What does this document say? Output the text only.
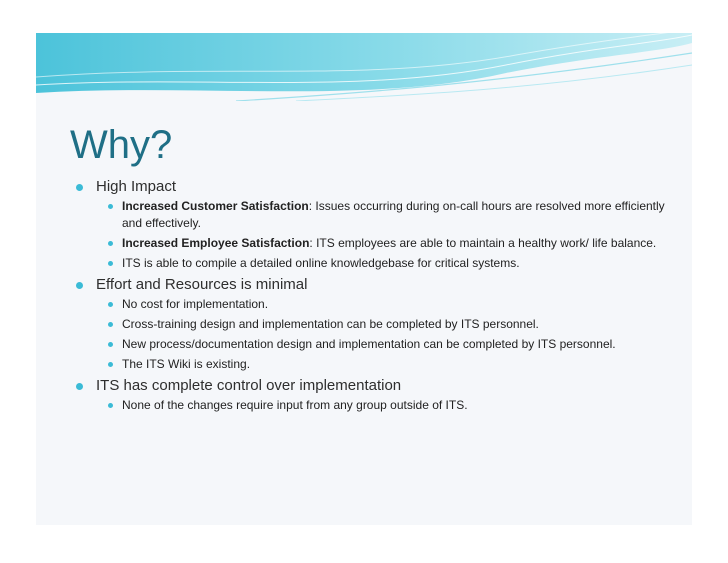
Why?
High Impact
Increased Customer Satisfaction: Issues occurring during on-call hours are resolved more efficiently and effectively.
Increased Employee Satisfaction: ITS employees are able to maintain a healthy work/ life balance.
ITS is able to compile a detailed online knowledgebase for critical systems.
Effort and Resources is minimal
No cost for implementation.
Cross-training design and implementation can be completed by ITS personnel.
New process/documentation design and implementation can be completed by ITS personnel.
The ITS Wiki is existing.
ITS has complete control over implementation
None of the changes require input from any group outside of ITS.
